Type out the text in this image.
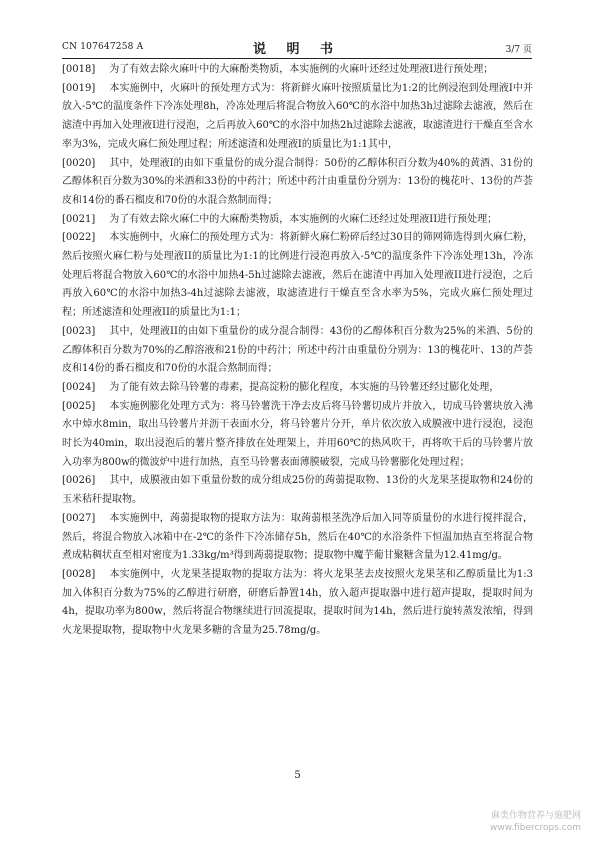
CN 107647258 A	说 明 书	3/7 页

[0018] 为了有效去除火麻叶中的大麻酚类物质，本实施例的火麻叶还经过处理液I进行预处理；

[0019] 本实施例中，火麻叶的预处理方式为：将新鲜火麻叶按照质量比为1:2的比例浸泡到处理液I中并放入-5℃的温度条件下冷冻处理8h，冷冻处理后将混合物放入60℃的水浴中加热3h过滤除去滤液，然后在滤渣中再加入处理液I进行浸泡，之后再放入60℃的水浴中加热2h过滤除去滤液，取滤渣进行干燥直至含水率为3%，完成火麻仁预处理过程；所述滤渣和处理液I的质量比为1:1其中，

[0020] 其中，处理液I的由如下重量份的成分混合制得：50份的乙醇体积百分数为40%的黄酒、31份的乙醇体积百分数为30%的米酒和33份的中药汁；所述中药汁由重量份分别为：13份的槐花叶、13份的芦荟皮和14份的番石榴皮和70份的水混合熬制而得；

[0021] 为了有效去除火麻仁中的大麻酚类物质，本实施例的火麻仁还经过处理液II进行预处理；

[0022] 本实施例中，火麻仁的预处理方式为：将新鲜火麻仁粉碎后经过30目的筛网筛选得到火麻仁粉，然后按照火麻仁粉与处理液II的质量比为1:1的比例进行浸泡再放入-5℃的温度条件下冷冻处理13h，冷冻处理后将混合物放入60℃的水浴中加热4-5h过滤除去滤液，然后在滤渣中再加入处理液II进行浸泡，之后再放入60℃的水浴中加热3-4h过滤除去滤液，取滤渣进行干燥直至含水率为5%，完成火麻仁预处理过程；所述滤渣和处理液II的质量比为1:1；

[0023] 其中，处理液II的由如下重量份的成分混合制得：43份的乙醇体积百分数为25%的米酒、5份的乙醇体积百分数为70%的乙醇溶液和21份的中药汁；所述中药汁由重量份分别为：13的槐花叶、13的芦荟皮和14份的番石榴皮和70份的水混合熬制而得；

[0024] 为了能有效去除马铃薯的毒素，提高淀粉的膨化程度，本实施的马铃薯还经过膨化处理，

[0025] 本实施例膨化处理方式为：将马铃薯洗干净去皮后将马铃薯切成片并放入，切成马铃薯块放入沸水中焯水8min，取出马铃薯片并沥干表面水分，将马铃薯片分开，单片依次放入成膜液中进行浸泡，浸泡时长为40min，取出浸泡后的薯片整齐排放在处理架上，并用60℃的热风吹干，再将吹干后的马铃薯片放入功率为800w的微波炉中进行加热，直至马铃薯表面薄膜破裂，完成马铃薯膨化处理过程；

[0026] 其中，成膜液由如下重量份数的成分组成25份的蒟蒻提取物、13份的火龙果茎提取物和24份的玉米秸秆提取物。

[0027] 本实施例中，蒟蒻提取物的提取方法为：取蒟蒻根茎洗净后加入同等质量份的水进行搅拌混合，然后，将混合物放入冰箱中在-2℃的条件下冷冻储存5h，然后在40℃的水浴条件下恒温加热直至将混合物煮成粘稠状直至相对密度为1.33kg/m³得到蒟蒻提取物；提取物中魔芋葡甘聚糖含量为12.41mg/g。

[0028] 本实施例中，火龙果茎提取物的提取方法为：将火龙果茎去皮按照火龙果茎和乙醇质量比为1:3加入体积百分数为75%的乙醇进行研磨，研磨后静置14h，放入超声提取器中进行超声提取，提取时间为4h，提取功率为800w，然后将混合物继续进行回流提取，提取时间为14h，然后进行旋转蒸发浓缩，得到火龙果提取物，提取物中火龙果多糖的含量为25.78mg/g。

5
麻类作物营养与施肥网
www.fibercrops.com
